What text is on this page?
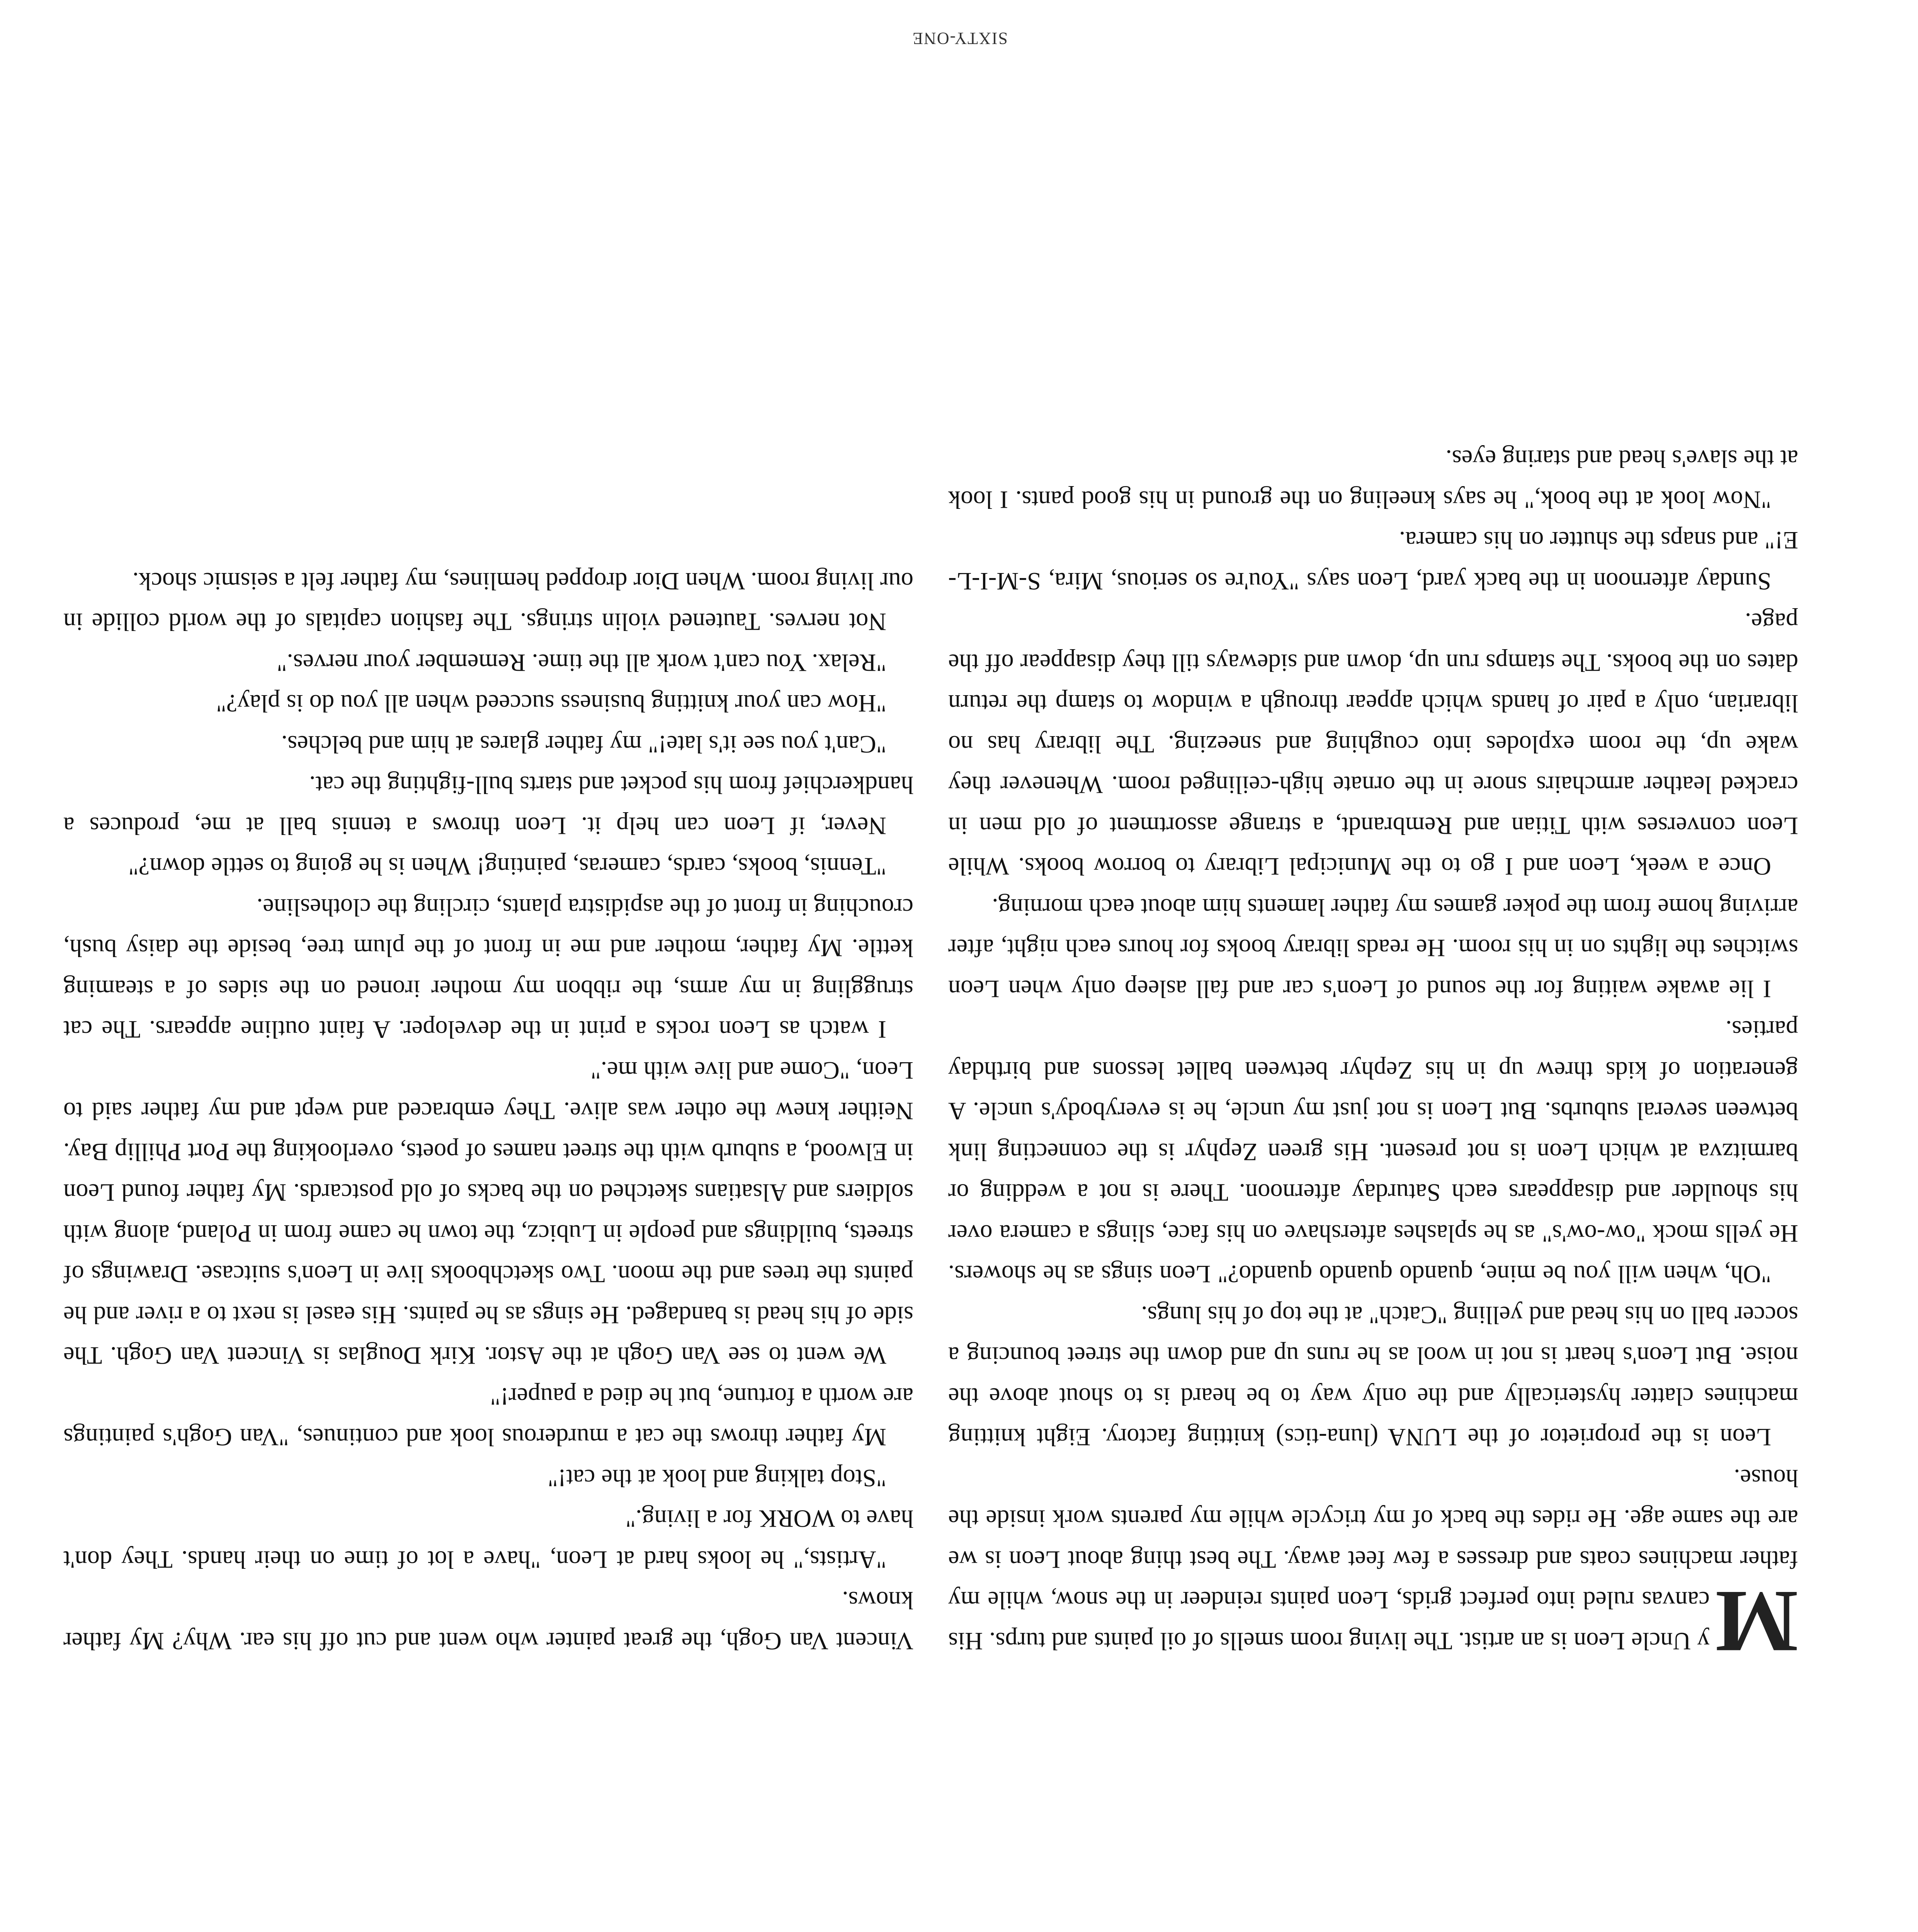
M
y Uncle Leon is an artist. The living room smells of oil paints and turps. His canvas ruled into perfect grids, Leon paints reindeer in the snow, while my father machines coats and dresses a few feet away. The best thing about Leon is we are the same age. He rides the back of my tricycle while my parents work inside the house.

Leon is the proprietor of the LUNA (luna-tics) knitting factory. Eight knitting machines clatter hysterically and the only way to be heard is to shout above the noise. But Leon's heart is not in wool as he runs up and down the street bouncing a soccer ball on his head and yelling "Catch" at the top of his lungs.

"Oh, when will you be mine, quando quando quando?" Leon sings as he showers. He yells mock "ow-ow's" as he splashes aftershave on his face, slings a camera over his shoulder and disappears each Saturday afternoon. There is not a wedding or barmitzva at which Leon is not present. His green Zephyr is the connecting link between several suburbs. But Leon is not just my uncle, he is everybody's uncle. A generation of kids threw up in his Zephyr between ballet lessons and birthday parties.

I lie awake waiting for the sound of Leon's car and fall asleep only when Leon switches the lights on in his room. He reads library books for hours each night, after arriving home from the poker games my father laments him about each morning.

Once a week, Leon and I go to the Municipal Library to borrow books. While Leon converses with Titian and Rembrandt, a strange assortment of old men in cracked leather armchairs snore in the ornate high-ceilinged room. Whenever they wake up, the room explodes into coughing and sneezing. The library has no librarian, only a pair of hands which appear through a window to stamp the return dates on the books. The stamps run up, down and sideways till they disappear off the page.

Sunday afternoon in the back yard, Leon says "You're so serious, Mira, S-M-I-L-E!" and snaps the shutter on his camera.

"Now look at the book," he says kneeling on the ground in his good pants. I look at the slave's head and staring eyes.

Vincent Van Gogh, the great painter who went and cut off his ear. Why? My father knows.

"Artists," he looks hard at Leon, "have a lot of time on their hands. They don't have to WORK for a living."

"Stop talking and look at the cat!"

My father throws the cat a murderous look and continues, "Van Gogh's paintings are worth a fortune, but he died a pauper!"

We went to see Van Gogh at the Astor. Kirk Douglas is Vincent Van Gogh. The side of his head is bandaged. He sings as he paints. His easel is next to a river and he paints the trees and the moon. Two sketchbooks live in Leon's suitcase. Drawings of streets, buildings and people in Lubicz, the town he came from in Poland, along with soldiers and Alsatians sketched on the backs of old postcards. My father found Leon in Elwood, a suburb with the street names of poets, overlooking the Port Phillip Bay. Neither knew the other was alive. They embraced and wept and my father said to Leon, "Come and live with me."

I watch as Leon rocks a print in the developer. A faint outline appears. The cat struggling in my arms, the ribbon my mother ironed on the sides of a steaming kettle. My father, mother and me in front of the plum tree, beside the daisy bush, crouching in front of the aspidistra plants, circling the clothesline.

"Tennis, books, cards, cameras, painting! When is he going to settle down?"

Never, if Leon can help it. Leon throws a tennis ball at me, produces a handkerchief from his pocket and starts bull-fighting the cat.

"Can't you see it's late!" my father glares at him and belches.

"How can your knitting business succeed when all you do is play?"

"Relax. You can't work all the time. Remember your nerves."

Not nerves. Tautened violin strings. The fashion capitals of the world collide in our living room. When Dior dropped hemlines, my father felt a seismic shock.

SIXTY-ONE
